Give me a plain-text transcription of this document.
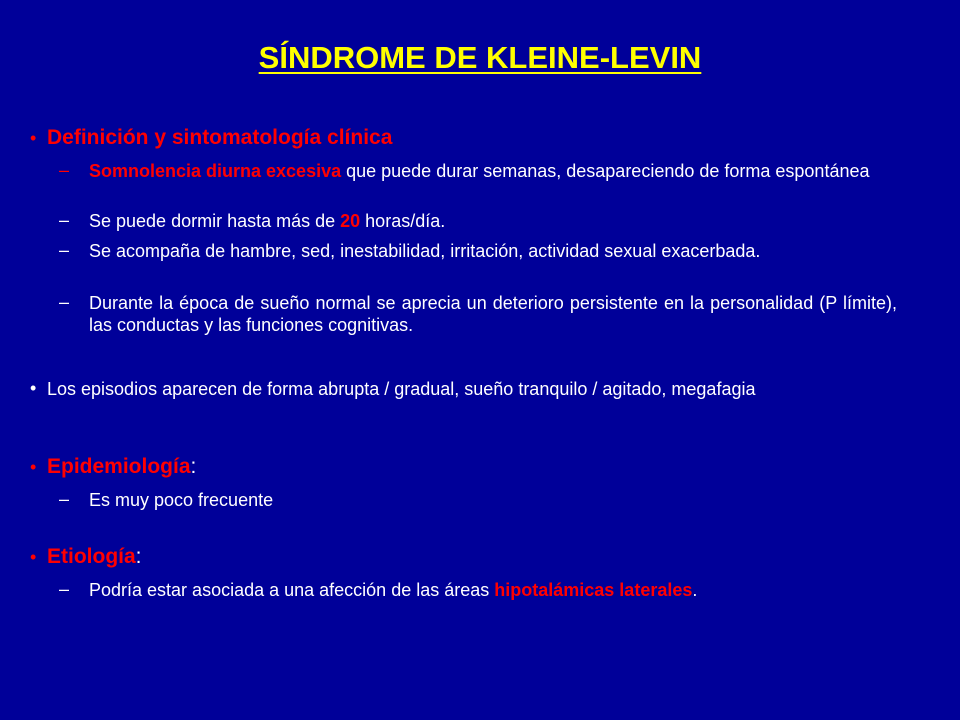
SÍNDROME DE KLEINE-LEVIN
• Definición y sintomatología clínica
– Somnolencia diurna excesiva que puede durar semanas, desapareciendo de forma espontánea
– Se puede dormir hasta más de 20 horas/día.
– Se acompaña de hambre, sed, inestabilidad, irritación, actividad sexual exacerbada.
– Durante la época de sueño normal se aprecia un deterioro persistente en la personalidad (P límite), las conductas y las funciones cognitivas.
• Los episodios aparecen de forma abrupta / gradual, sueño tranquilo / agitado, megafagia
• Epidemiología:
– Es muy poco frecuente
• Etiología:
– Podría estar asociada a una afección de las áreas hipotalámicas laterales.
